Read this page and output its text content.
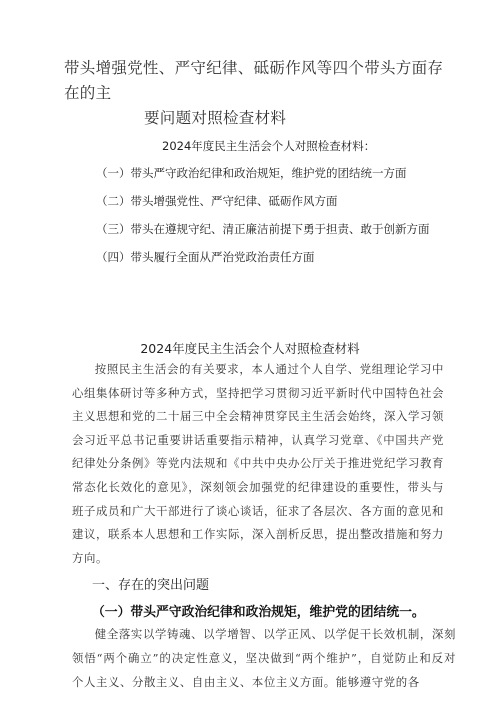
带头增强党性、严守纪律、砥砺作风等四个带头方面存在的主
要问题对照检查材料
2024年度民主生活会个人对照检查材料：
（一）带头严守政治纪律和政治规矩，维护党的团结统一方面
（二）带头增强党性、严守纪律、砥砺作风方面
（三）带头在遵规守纪、清正廉洁前提下勇于担责、敢于创新方面
（四）带头履行全面从严治党政治责任方面
2024年度民主生活会个人对照检查材料

按照民主生活会的有关要求，本人通过个人自学、党组理论学习中心组集体研讨等多种方式，坚持把学习贯彻习近平新时代中国特色社会主义思想和党的二十届三中全会精神贯穿民主生活会始终，深入学习领会习近平总书记重要讲话重要指示精神，认真学习党章、《中国共产党纪律处分条例》等党内法规和《中共中央办公厅关于推进党纪学习教育常态化长效化的意见》，深刻领会加强党的纪律建设的重要性，带头与班子成员和广大干部进行了谈心谈话，征求了各层次、各方面的意见和建议，联系本人思想和工作实际，深入剖析反思，提出整改措施和努力方向。

一、存在的突出问题
（一）带头严守政治纪律和政治规矩，维护党的团结统一。

健全落实以学铸魂、以学增智、以学正风、以学促干长效机制，深刻领悟“两个确立”的决定性意义，坚决做到“两个维护”，自觉防止和反对个人主义、分散主义、自由主义、本位主义方面。能够遵守党的各
